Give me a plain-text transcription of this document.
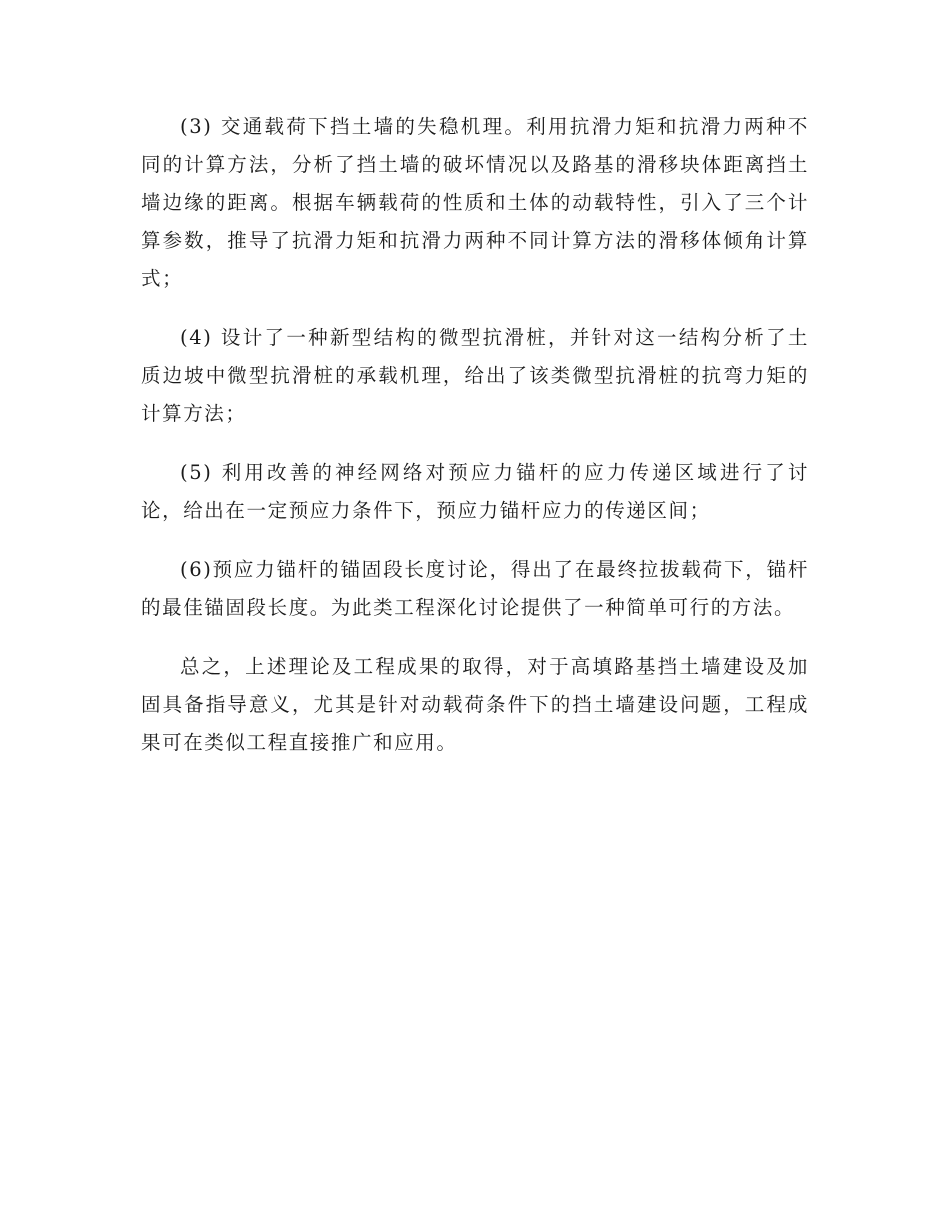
(3) 交通载荷下挡土墙的失稳机理。利用抗滑力矩和抗滑力两种不同的计算方法，分析了挡土墙的破坏情况以及路基的滑移块体距离挡土墙边缘的距离。根据车辆载荷的性质和土体的动载特性，引入了三个计算参数，推导了抗滑力矩和抗滑力两种不同计算方法的滑移体倾角计算式；

(4) 设计了一种新型结构的微型抗滑桩，并针对这一结构分析了土质边坡中微型抗滑桩的承载机理，给出了该类微型抗滑桩的抗弯力矩的计算方法；

(5) 利用改善的神经网络对预应力锚杆的应力传递区域进行了讨论，给出在一定预应力条件下，预应力锚杆应力的传递区间；

(6)预应力锚杆的锚固段长度讨论，得出了在最终拉拔载荷下，锚杆的最佳锚固段长度。为此类工程深化讨论提供了一种简单可行的方法。

总之，上述理论及工程成果的取得，对于高填路基挡土墙建设及加固具备指导意义，尤其是针对动载荷条件下的挡土墙建设问题，工程成果可在类似工程直接推广和应用。
